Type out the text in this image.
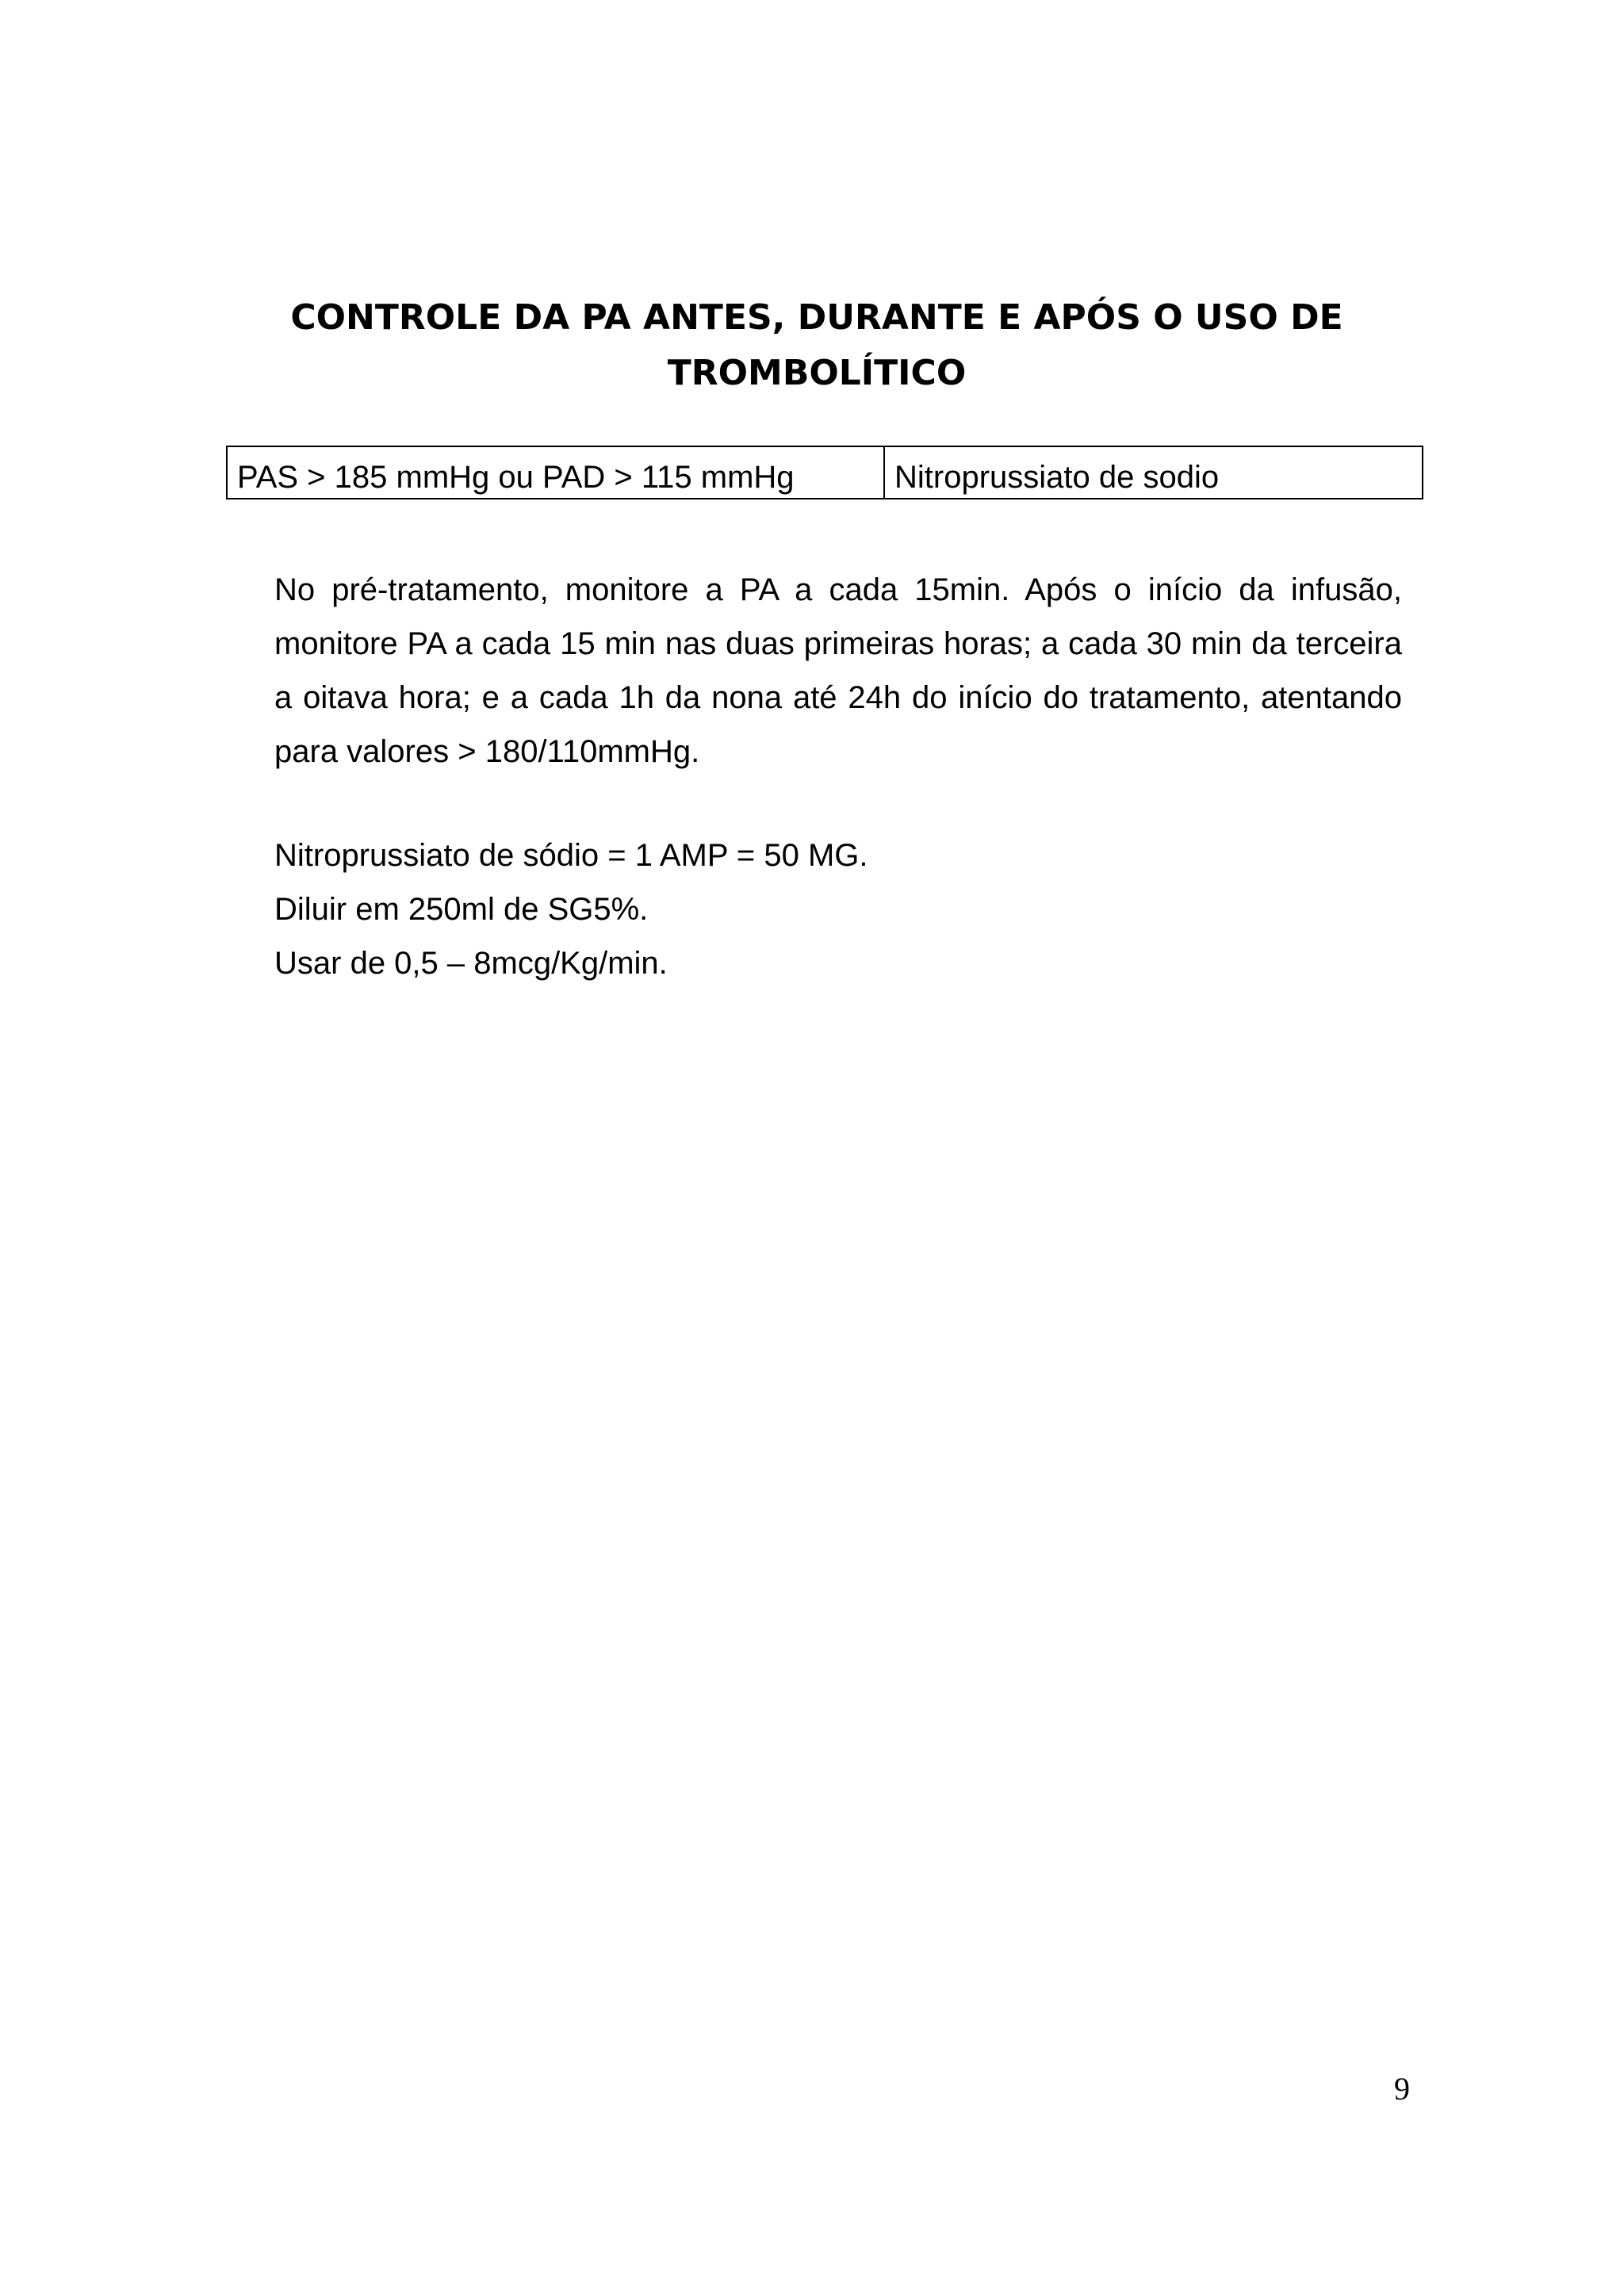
CONTROLE DA PA ANTES, DURANTE E APÓS O USO DE
TROMBOLÍTICO
PAS > 185 mmHg ou PAD > 115 mmHg	Nitroprussiato de sodio

No pré-tratamento, monitore a PA a cada 15min. Após o início da infusão, monitore PA a cada 15 min nas duas primeiras horas; a cada 30 min da terceira a oitava hora; e a cada 1h da nona até 24h do início do tratamento, atentando para valores > 180/110mmHg.

Nitroprussiato de sódio = 1 AMP = 50 MG.
Diluir em 250ml de SG5%.
Usar de 0,5 – 8mcg/Kg/min.
9
